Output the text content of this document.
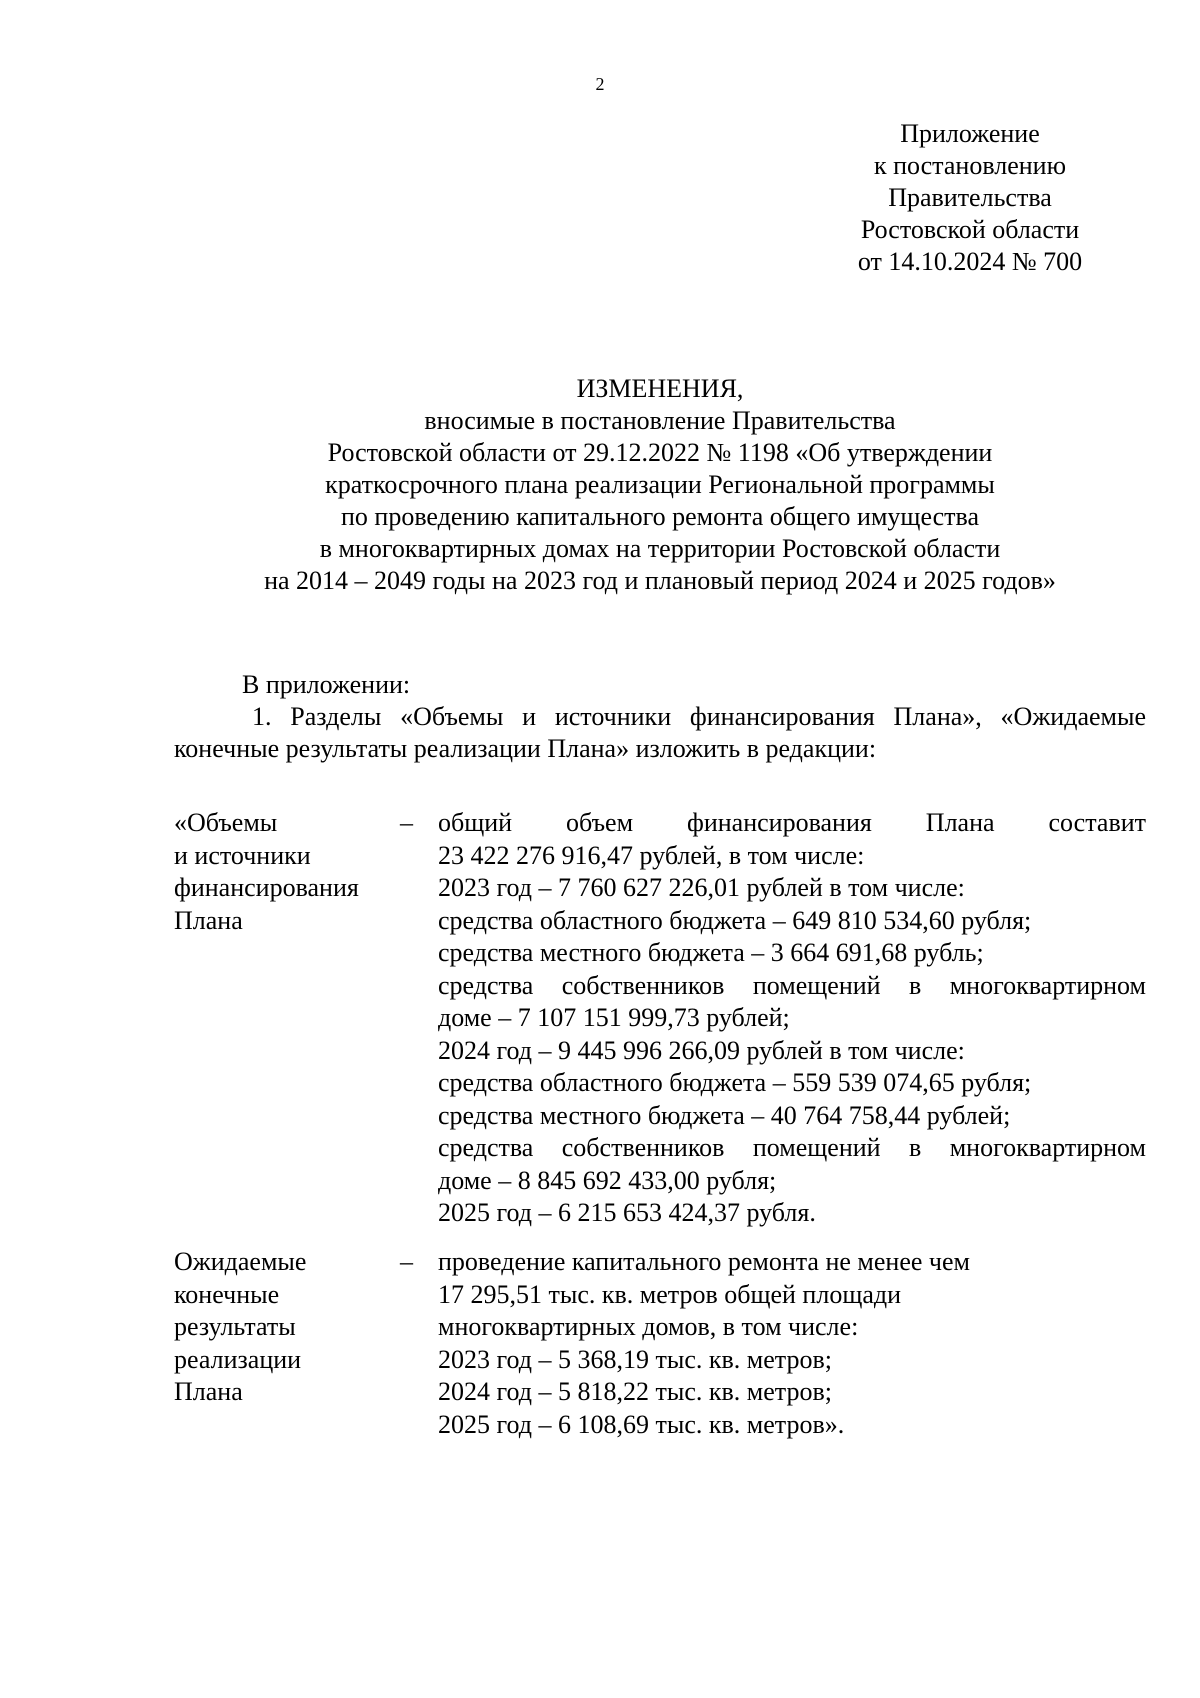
2
Приложение
к постановлению
Правительства
Ростовской области
от 14.10.2024 № 700
ИЗМЕНЕНИЯ,
вносимые в постановление Правительства
Ростовской области от 29.12.2022 № 1198 «Об утверждении
краткосрочного плана реализации Региональной программы
по проведению капитального ремонта общего имущества
в многоквартирных домах на территории Ростовской области
на 2014 – 2049 годы на 2023 год и плановый период 2024 и 2025 годов»
В приложении:
1. Разделы «Объемы и источники финансирования Плана», «Ожидаемые
конечные результаты реализации Плана» изложить в редакции:
«Объемы
и источники
финансирования
Плана
– общий объем финансирования Плана составит
23 422 276 916,47 рублей, в том числе:
2023 год – 7 760 627 226,01 рублей в том числе:
средства областного бюджета – 649 810 534,60 рубля;
средства местного бюджета – 3 664 691,68 рубль;
средства собственников помещений в многоквартирном
доме – 7 107 151 999,73 рублей;
2024 год – 9 445 996 266,09 рублей в том числе:
средства областного бюджета – 559 539 074,65 рубля;
средства местного бюджета – 40 764 758,44 рублей;
средства собственников помещений в многоквартирном
доме – 8 845 692 433,00 рубля;
2025 год – 6 215 653 424,37 рубля.
Ожидаемые
конечные
результаты
реализации
Плана
– проведение капитального ремонта не менее чем
17 295,51 тыс. кв. метров общей площади
многоквартирных домов, в том числе:
2023 год – 5 368,19 тыс. кв. метров;
2024 год – 5 818,22 тыс. кв. метров;
2025 год – 6 108,69 тыс. кв. метров».
